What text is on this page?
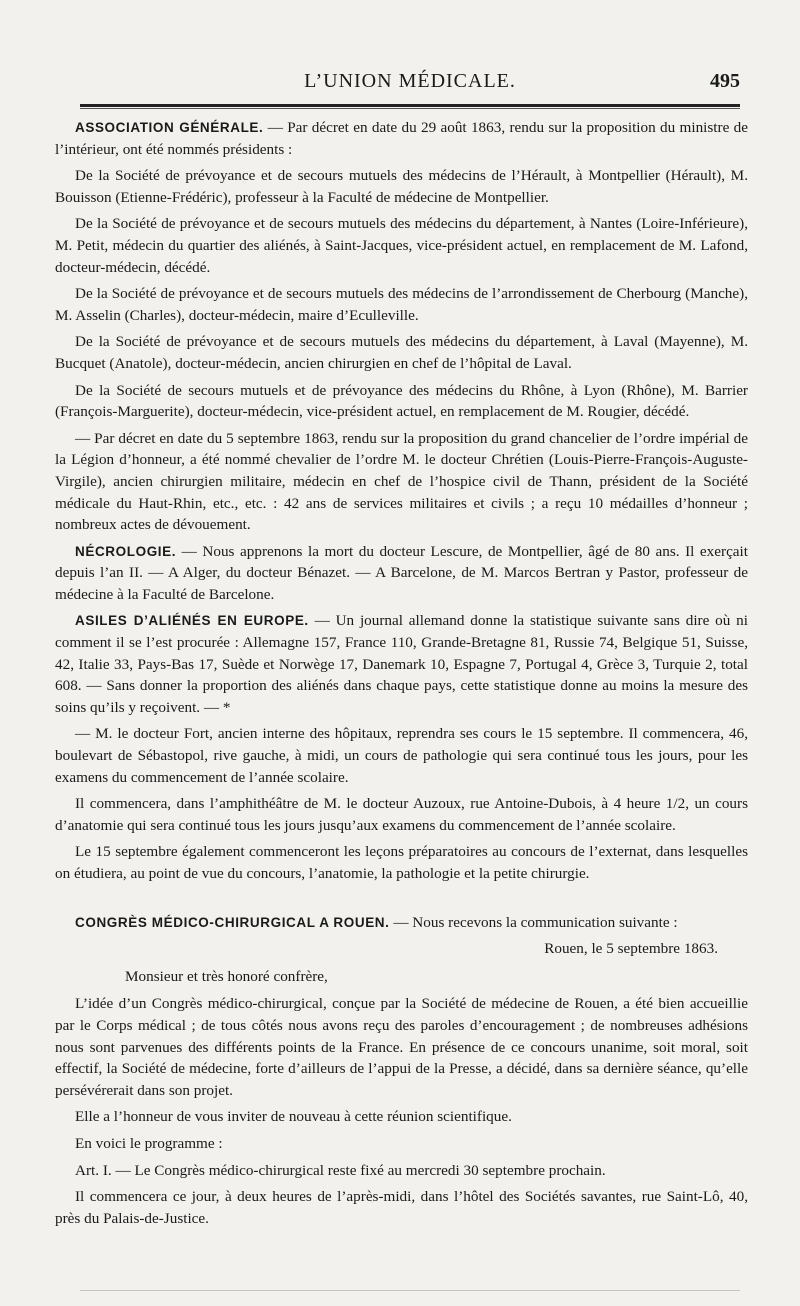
L’UNION MÉDICALE.	495

ASSOCIATION GÉNÉRALE. — Par décret en date du 29 août 1863, rendu sur la proposition du ministre de l’intérieur, ont été nommés présidents :

De la Société de prévoyance et de secours mutuels des médecins de l’Hérault, à Montpellier (Hérault), M. Bouisson (Etienne-Frédéric), professeur à la Faculté de médecine de Montpellier.

De la Société de prévoyance et de secours mutuels des médecins du département, à Nantes (Loire-Inférieure), M. Petit, médecin du quartier des aliénés, à Saint-Jacques, vice-président actuel, en remplacement de M. Lafond, docteur-médecin, décédé.

De la Société de prévoyance et de secours mutuels des médecins de l’arrondissement de Cherbourg (Manche), M. Asselin (Charles), docteur-médecin, maire d’Eculleville.

De la Société de prévoyance et de secours mutuels des médecins du département, à Laval (Mayenne), M. Bucquet (Anatole), docteur-médecin, ancien chirurgien en chef de l’hôpital de Laval.

De la Société de secours mutuels et de prévoyance des médecins du Rhône, à Lyon (Rhône), M. Barrier (François-Marguerite), docteur-médecin, vice-président actuel, en remplacement de M. Rougier, décédé.

— Par décret en date du 5 septembre 1863, rendu sur la proposition du grand chancelier de l’ordre impérial de la Légion d’honneur, a été nommé chevalier de l’ordre M. le docteur Chrétien (Louis-Pierre-François-Auguste-Virgile), ancien chirurgien militaire, médecin en chef de l’hospice civil de Thann, président de la Société médicale du Haut-Rhin, etc., etc. : 42 ans de services militaires et civils ; a reçu 10 médailles d’honneur ; nombreux actes de dévouement.

NÉCROLOGIE. — Nous apprenons la mort du docteur Lescure, de Montpellier, âgé de 80 ans. Il exerçait depuis l’an II. — A Alger, du docteur Bénazet. — A Barcelone, de M. Marcos Bertran y Pastor, professeur de médecine à la Faculté de Barcelone.

ASILES D’ALIÉNÉS EN EUROPE. — Un journal allemand donne la statistique suivante sans dire où ni comment il se l’est procurée : Allemagne 157, France 110, Grande-Bretagne 81, Russie 74, Belgique 51, Suisse, 42, Italie 33, Pays-Bas 17, Suède et Norwège 17, Danemark 10, Espagne 7, Portugal 4, Grèce 3, Turquie 2, total 608. — Sans donner la proportion des aliénés dans chaque pays, cette statistique donne au moins la mesure des soins qu’ils y reçoivent. — *

— M. le docteur Fort, ancien interne des hôpitaux, reprendra ses cours le 15 septembre. Il commencera, 46, boulevart de Sébastopol, rive gauche, à midi, un cours de pathologie qui sera continué tous les jours, pour les examens du commencement de l’année scolaire.

Il commencera, dans l’amphithéâtre de M. le docteur Auzoux, rue Antoine-Dubois, à 4 heure 1/2, un cours d’anatomie qui sera continué tous les jours jusqu’aux examens du commencement de l’année scolaire.

Le 15 septembre également commenceront les leçons préparatoires au concours de l’externat, dans lesquelles on étudiera, au point de vue du concours, l’anatomie, la pathologie et la petite chirurgie.

CONGRÈS MÉDICO-CHIRURGICAL A ROUEN. — Nous recevons la communication suivante :

Rouen, le 5 septembre 1863.

Monsieur et très honoré confrère,

L’idée d’un Congrès médico-chirurgical, conçue par la Société de médecine de Rouen, a été bien accueillie par le Corps médical ; de tous côtés nous avons reçu des paroles d’encouragement ; de nombreuses adhésions nous sont parvenues des différents points de la France. En présence de ce concours unanime, soit moral, soit effectif, la Société de médecine, forte d’ailleurs de l’appui de la Presse, a décidé, dans sa dernière séance, qu’elle persévérerait dans son projet.

Elle a l’honneur de vous inviter de nouveau à cette réunion scientifique.

En voici le programme :

Art. I. — Le Congrès médico-chirurgical reste fixé au mercredi 30 septembre prochain.

Il commencera ce jour, à deux heures de l’après-midi, dans l’hôtel des Sociétés savantes, rue Saint-Lô, 40, près du Palais-de-Justice.
